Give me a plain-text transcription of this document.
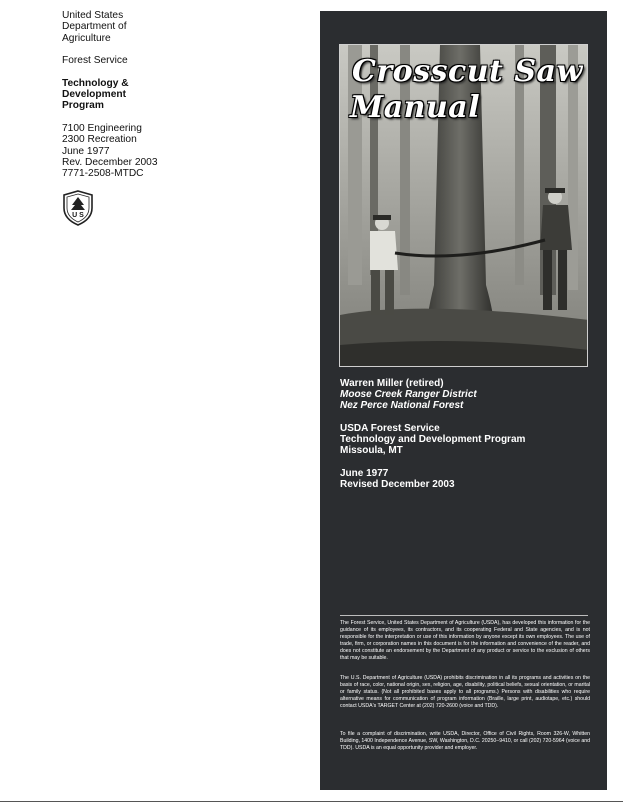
United States
Department of
Agriculture
Forest Service
Technology &
Development
Program
7100 Engineering
2300 Recreation
June 1977
Rev. December 2003
7771-2508-MTDC
U S
Crosscut Saw
Manual
Warren Miller (retired)
Moose Creek Ranger District
Nez Perce National Forest
USDA Forest Service
Technology and Development Program
Missoula, MT
June 1977
Revised December 2003
The Forest Service, United States Department of Agriculture (USDA), has developed this information for the guidance of its employees, its contractors, and its cooperating Federal and State agencies, and is not responsible for the interpretation or use of this information by anyone except its own employees. The use of trade, firm, or corporation names in this document is for the information and convenience of the reader, and does not constitute an endorsement by the Department of any product or service to the exclusion of others that may be suitable.
The U.S. Department of Agriculture (USDA) prohibits discrimination in all its programs and activities on the basis of race, color, national origin, sex, religion, age, disability, political beliefs, sexual orientation, or marital or family status. (Not all prohibited bases apply to all programs.) Persons with disabilities who require alternative means for communication of program information (Braille, large print, audiotape, etc.) should contact USDA's TARGET Center at (202) 720-2600 (voice and TDD).
To file a complaint of discrimination, write USDA, Director, Office of Civil Rights, Room 326-W, Whitten Building, 1400 Independence Avenue, SW, Washington, D.C. 20250–9410, or call (202) 720-5964 (voice and TDD). USDA is an equal opportunity provider and employer.
